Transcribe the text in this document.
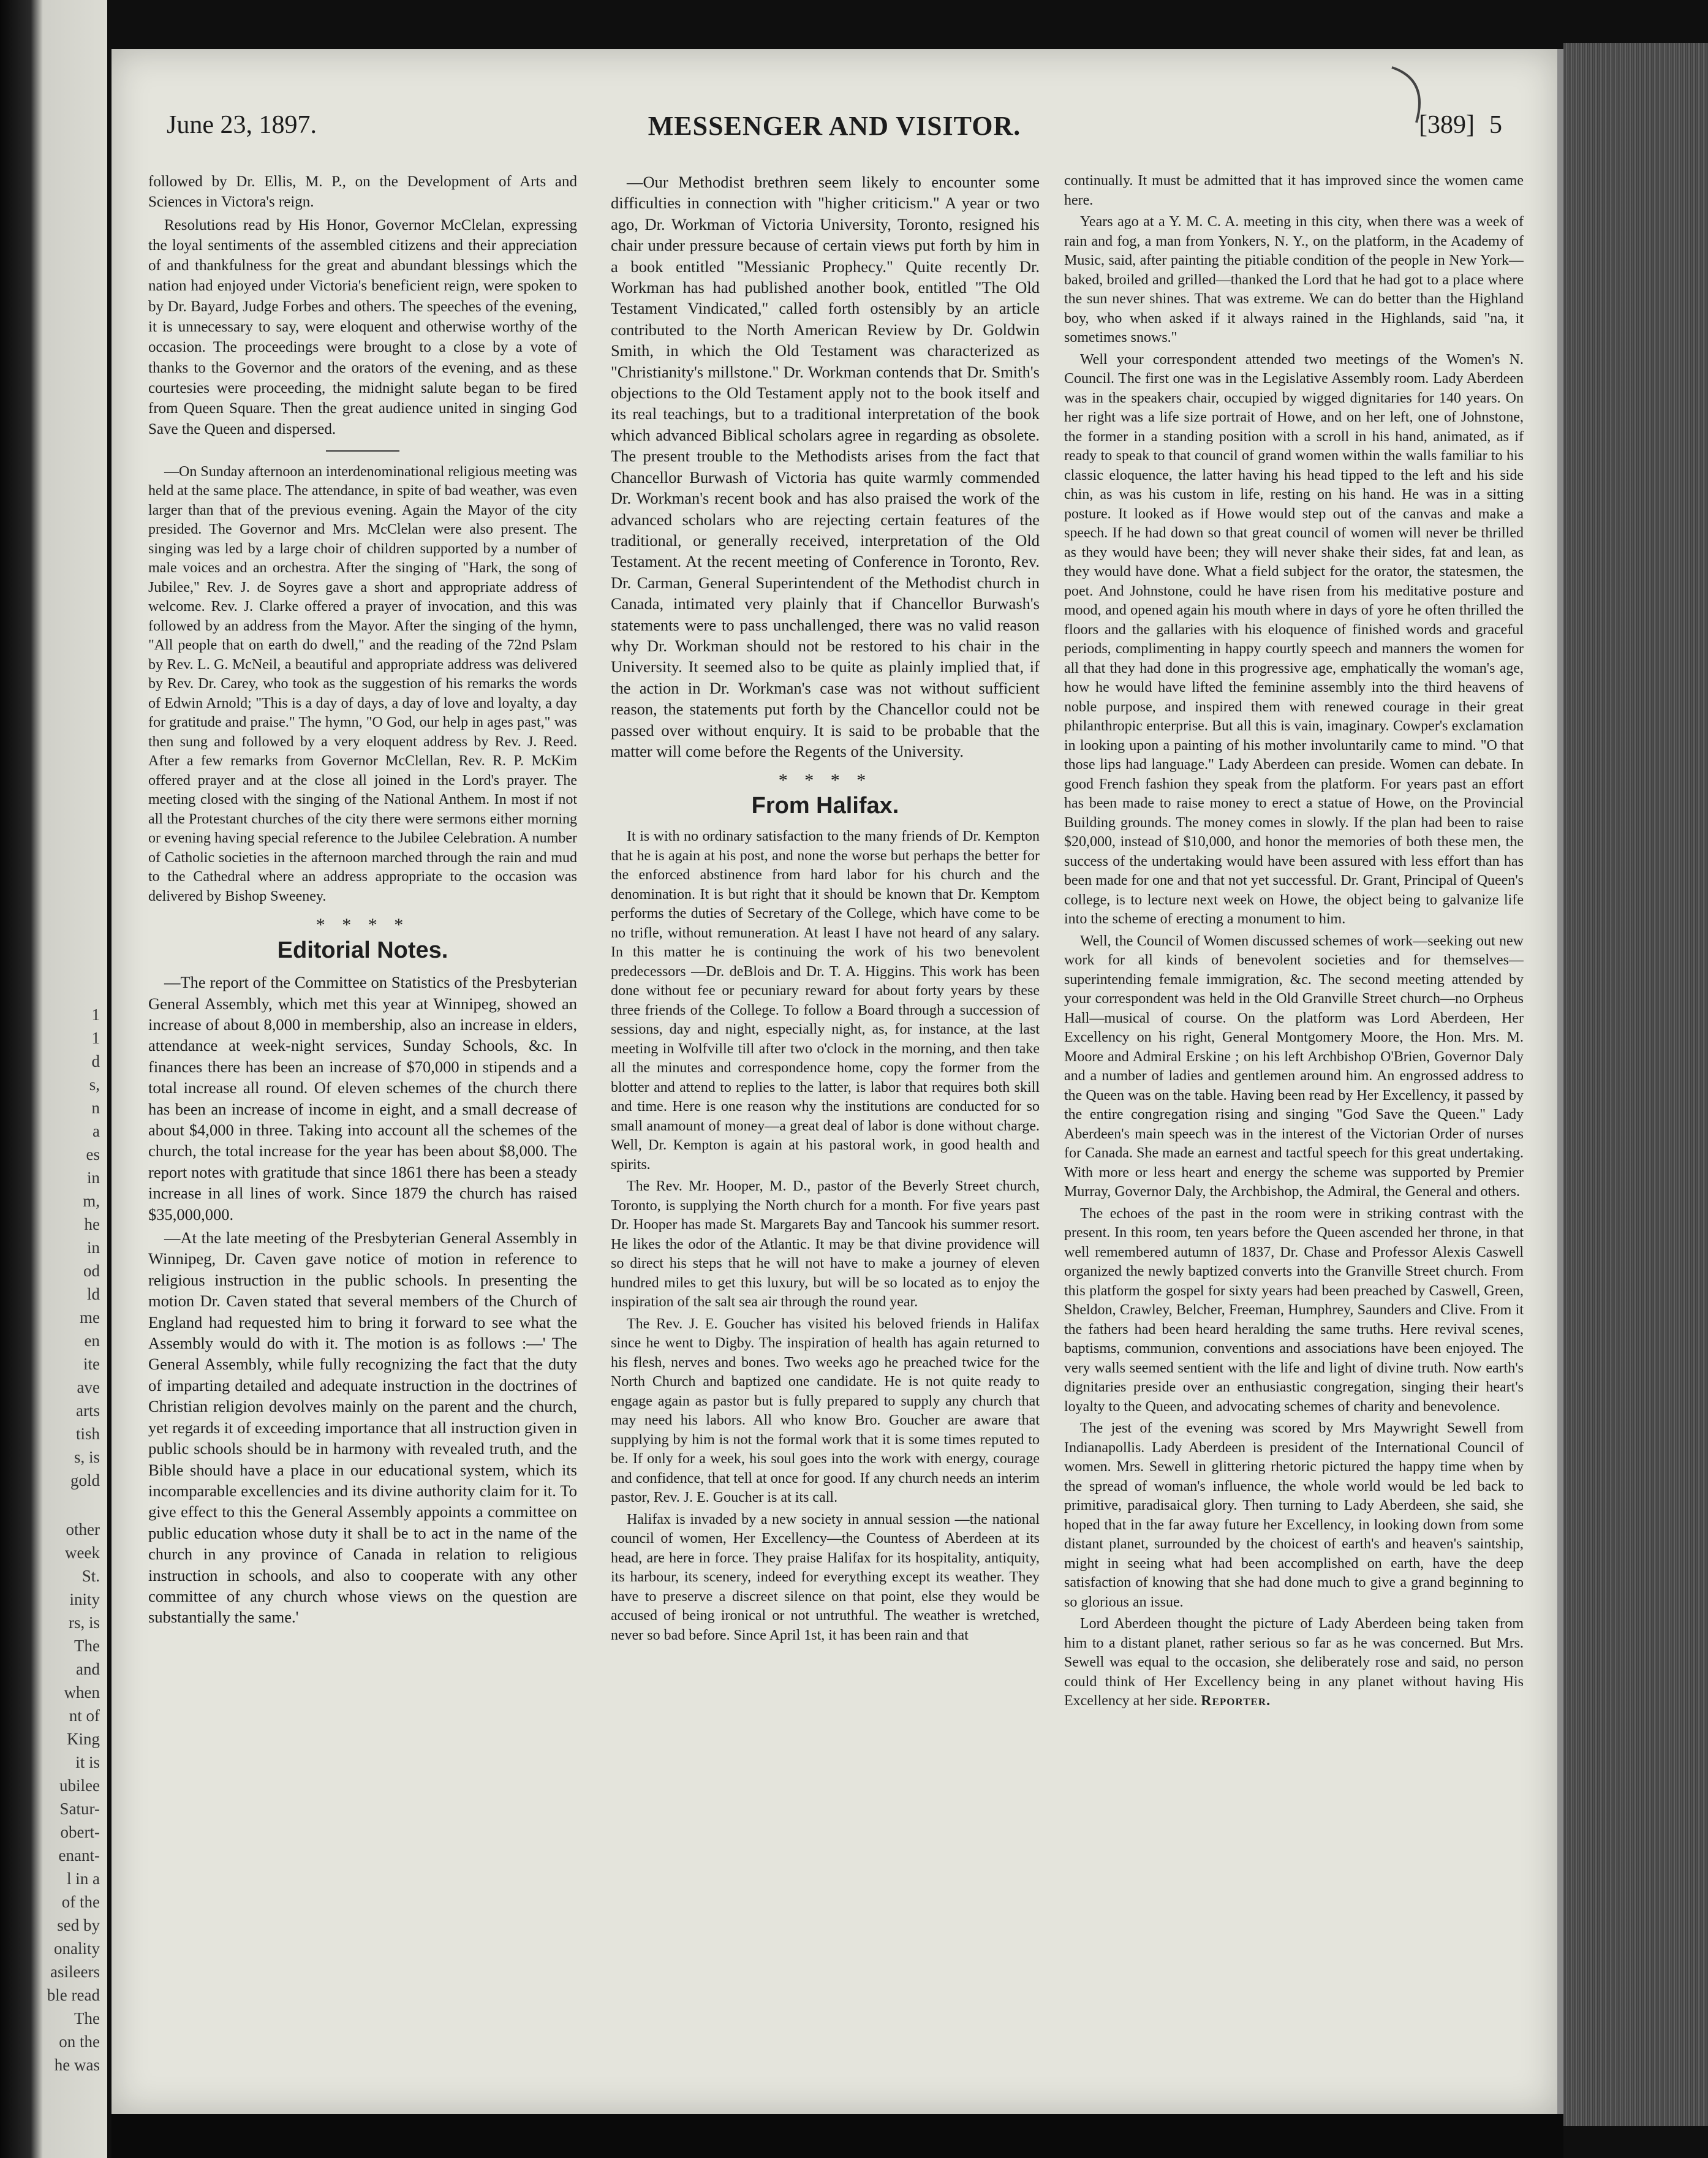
1
1
d
s,
n
a
es
in
m,
he
in
od
ld
me
en
ite
ave
arts
tish
s, is
gold
other
week
St.
inity
rs, is
The
and
when
nt of
King
it is
ubilee
Satur-
obert-
enant-
l in a
of the
sed by
onality
asileers
ble read
The
on the
he was
June 23, 1897.	MESSENGER AND VISITOR.	[389] 5

followed by Dr. Ellis, M. P., on the Development of Arts and Sciences in Victora's reign.

Resolutions read by His Honor, Governor McClelan, expressing the loyal sentiments of the assembled citizens and their appreciation of and thankfulness for the great and abundant blessings which the nation had enjoyed under Victoria's beneficient reign, were spoken to by Dr. Bayard, Judge Forbes and others. The speeches of the evening, it is unnecessary to say, were eloquent and otherwise worthy of the occasion. The proceedings were brought to a close by a vote of thanks to the Governor and the orators of the evening, and as these courtesies were proceeding, the midnight salute began to be fired from Queen Square. Then the great audience united in singing God Save the Queen and dispersed.

—On Sunday afternoon an interdenominational religious meeting was held at the same place. The attendance, in spite of bad weather, was even larger than that of the previous evening. Again the Mayor of the city presided. The Governor and Mrs. McClelan were also present. The singing was led by a large choir of children supported by a number of male voices and an orchestra. After the singing of "Hark, the song of Jubilee," Rev. J. de Soyres gave a short and appropriate address of welcome. Rev. J. Clarke offered a prayer of invocation, and this was followed by an address from the Mayor. After the singing of the hymn, "All people that on earth do dwell," and the reading of the 72nd Pslam by Rev. L. G. McNeil, a beautiful and appropriate address was delivered by Rev. Dr. Carey, who took as the suggestion of his remarks the words of Edwin Arnold; "This is a day of days, a day of love and loyalty, a day for gratitude and praise." The hymn, "O God, our help in ages past," was then sung and followed by a very eloquent address by Rev. J. Reed. After a few remarks from Governor McClellan, Rev. R. P. McKim offered prayer and at the close all joined in the Lord's prayer. The meeting closed with the singing of the National Anthem. In most if not all the Protestant churches of the city there were sermons either morning or evening having special reference to the Jubilee Celebration. A number of Catholic societies in the afternoon marched through the rain and mud to the Cathedral where an address appropriate to the occasion was delivered by Bishop Sweeney.

* * * *
Editorial Notes.

—The report of the Committee on Statistics of the Presbyterian General Assembly, which met this year at Winnipeg, showed an increase of about 8,000 in membership, also an increase in elders, attendance at week-night services, Sunday Schools, &c. In finances there has been an increase of $70,000 in stipends and a total increase all round. Of eleven schemes of the church there has been an increase of income in eight, and a small decrease of about $4,000 in three. Taking into account all the schemes of the church, the total increase for the year has been about $8,000. The report notes with gratitude that since 1861 there has been a steady increase in all lines of work. Since 1879 the church has raised $35,000,000.

—At the late meeting of the Presbyterian General Assembly in Winnipeg, Dr. Caven gave notice of motion in reference to religious instruction in the public schools. In presenting the motion Dr. Caven stated that several members of the Church of England had requested him to bring it forward to see what the Assembly would do with it. The motion is as follows :—' The General Assembly, while fully recognizing the fact that the duty of imparting detailed and adequate instruction in the doctrines of Christian religion devolves mainly on the parent and the church, yet regards it of exceeding importance that all instruction given in public schools should be in harmony with revealed truth, and the Bible should have a place in our educational system, which its incomparable excellencies and its divine authority claim for it. To give effect to this the General Assembly appoints a committee on public education whose duty it shall be to act in the name of the church in any province of Canada in relation to religious instruction in schools, and also to cooperate with any other committee of any church whose views on the question are substantially the same.'

—Our Methodist brethren seem likely to encounter some difficulties in connection with "higher criticism." A year or two ago, Dr. Workman of Victoria University, Toronto, resigned his chair under pressure because of certain views put forth by him in a book entitled "Messianic Prophecy." Quite recently Dr. Workman has had published another book, entitled "The Old Testament Vindicated," called forth ostensibly by an article contributed to the North American Review by Dr. Goldwin Smith, in which the Old Testament was characterized as "Christianity's millstone." Dr. Workman contends that Dr. Smith's objections to the Old Testament apply not to the book itself and its real teachings, but to a traditional interpretation of the book which advanced Biblical scholars agree in regarding as obsolete. The present trouble to the Methodists arises from the fact that Chancellor Burwash of Victoria has quite warmly commended Dr. Workman's recent book and has also praised the work of the advanced scholars who are rejecting certain features of the traditional, or generally received, interpretation of the Old Testament. At the recent meeting of Conference in Toronto, Rev. Dr. Carman, General Superintendent of the Methodist church in Canada, intimated very plainly that if Chancellor Burwash's statements were to pass unchallenged, there was no valid reason why Dr. Workman should not be restored to his chair in the University. It seemed also to be quite as plainly implied that, if the action in Dr. Workman's case was not without sufficient reason, the statements put forth by the Chancellor could not be passed over without enquiry. It is said to be probable that the matter will come before the Regents of the University.

* * * *
From Halifax.

It is with no ordinary satisfaction to the many friends of Dr. Kempton that he is again at his post, and none the worse but perhaps the better for the enforced abstinence from hard labor for his church and the denomination. It is but right that it should be known that Dr. Kemptom performs the duties of Secretary of the College, which have come to be no trifle, without remuneration. At least I have not heard of any salary. In this matter he is continuing the work of his two benevolent predecessors —Dr. deBlois and Dr. T. A. Higgins. This work has been done without fee or pecuniary reward for about forty years by these three friends of the College. To follow a Board through a succession of sessions, day and night, especially night, as, for instance, at the last meeting in Wolfville till after two o'clock in the morning, and then take all the minutes and correspondence home, copy the former from the blotter and attend to replies to the latter, is labor that requires both skill and time. Here is one reason why the institutions are conducted for so small anamount of money—a great deal of labor is done without charge. Well, Dr. Kempton is again at his pastoral work, in good health and spirits.

The Rev. Mr. Hooper, M. D., pastor of the Beverly Street church, Toronto, is supplying the North church for a month. For five years past Dr. Hooper has made St. Margarets Bay and Tancook his summer resort. He likes the odor of the Atlantic. It may be that divine providence will so direct his steps that he will not have to make a journey of eleven hundred miles to get this luxury, but will be so located as to enjoy the inspiration of the salt sea air through the round year.

The Rev. J. E. Goucher has visited his beloved friends in Halifax since he went to Digby. The inspiration of health has again returned to his flesh, nerves and bones. Two weeks ago he preached twice for the North Church and baptized one candidate. He is not quite ready to engage again as pastor but is fully prepared to supply any church that may need his labors. All who know Bro. Goucher are aware that supplying by him is not the formal work that it is some times reputed to be. If only for a week, his soul goes into the work with energy, courage and confidence, that tell at once for good. If any church needs an interim pastor, Rev. J. E. Goucher is at its call.

Halifax is invaded by a new society in annual session —the national council of women, Her Excellency—the Countess of Aberdeen at its head, are here in force. They praise Halifax for its hospitality, antiquity, its harbour, its scenery, indeed for everything except its weather. They have to preserve a discreet silence on that point, else they would be accused of being ironical or not untruthful. The weather is wretched, never so bad before. Since April 1st, it has been rain and that

continually. It must be admitted that it has improved since the women came here.

Years ago at a Y. M. C. A. meeting in this city, when there was a week of rain and fog, a man from Yonkers, N. Y., on the platform, in the Academy of Music, said, after painting the pitiable condition of the people in New York—baked, broiled and grilled—thanked the Lord that he had got to a place where the sun never shines. That was extreme. We can do better than the Highland boy, who when asked if it always rained in the Highlands, said "na, it sometimes snows."

Well your correspondent attended two meetings of the Women's N. Council. The first one was in the Legislative Assembly room. Lady Aberdeen was in the speakers chair, occupied by wigged dignitaries for 140 years. On her right was a life size portrait of Howe, and on her left, one of Johnstone, the former in a standing position with a scroll in his hand, animated, as if ready to speak to that council of grand women within the walls familiar to his classic eloquence, the latter having his head tipped to the left and his side chin, as was his custom in life, resting on his hand. He was in a sitting posture. It looked as if Howe would step out of the canvas and make a speech. If he had down so that great council of women will never be thrilled as they would have been; they will never shake their sides, fat and lean, as they would have done. What a field subject for the orator, the statesmen, the poet. And Johnstone, could he have risen from his meditative posture and mood, and opened again his mouth where in days of yore he often thrilled the floors and the gallaries with his eloquence of finished words and graceful periods, complimenting in happy courtly speech and manners the women for all that they had done in this progressive age, emphatically the woman's age, how he would have lifted the feminine assembly into the third heavens of noble purpose, and inspired them with renewed courage in their great philanthropic enterprise. But all this is vain, imaginary. Cowper's exclamation in looking upon a painting of his mother involuntarily came to mind. "O that those lips had language." Lady Aberdeen can preside. Women can debate. In good French fashion they speak from the platform. For years past an effort has been made to raise money to erect a statue of Howe, on the Provincial Building grounds. The money comes in slowly. If the plan had been to raise $20,000, instead of $10,000, and honor the memories of both these men, the success of the undertaking would have been assured with less effort than has been made for one and that not yet successful. Dr. Grant, Principal of Queen's college, is to lecture next week on Howe, the object being to galvanize life into the scheme of erecting a monument to him.

Well, the Council of Women discussed schemes of work—seeking out new work for all kinds of benevolent societies and for themselves—superintending female immigration, &c. The second meeting attended by your correspondent was held in the Old Granville Street church—no Orpheus Hall—musical of course. On the platform was Lord Aberdeen, Her Excellency on his right, General Montgomery Moore, the Hon. Mrs. M. Moore and Admiral Erskine ; on his left Archbishop O'Brien, Governor Daly and a number of ladies and gentlemen around him. An engrossed address to the Queen was on the table. Having been read by Her Excellency, it passed by the entire congregation rising and singing "God Save the Queen." Lady Aberdeen's main speech was in the interest of the Victorian Order of nurses for Canada. She made an earnest and tactful speech for this great undertaking. With more or less heart and energy the scheme was supported by Premier Murray, Governor Daly, the Archbishop, the Admiral, the General and others.

The echoes of the past in the room were in striking contrast with the present. In this room, ten years before the Queen ascended her throne, in that well remembered autumn of 1837, Dr. Chase and Professor Alexis Caswell organized the newly baptized converts into the Granville Street church. From this platform the gospel for sixty years had been preached by Caswell, Green, Sheldon, Crawley, Belcher, Freeman, Humphrey, Saunders and Clive. From it the fathers had been heard heralding the same truths. Here revival scenes, baptisms, communion, conventions and associations have been enjoyed. The very walls seemed sentient with the life and light of divine truth. Now earth's dignitaries preside over an enthusiastic congregation, singing their heart's loyalty to the Queen, and advocating schemes of charity and benevolence.

The jest of the evening was scored by Mrs Maywright Sewell from Indianapollis. Lady Aberdeen is president of the International Council of women. Mrs. Sewell in glittering rhetoric pictured the happy time when by the spread of woman's influence, the whole world would be led back to primitive, paradisaical glory. Then turning to Lady Aberdeen, she said, she hoped that in the far away future her Excellency, in looking down from some distant planet, surrounded by the choicest of earth's and heaven's saintship, might in seeing what had been accomplished on earth, have the deep satisfaction of knowing that she had done much to give a grand beginning to so glorious an issue.

Lord Aberdeen thought the picture of Lady Aberdeen being taken from him to a distant planet, rather serious so far as he was concerned. But Mrs. Sewell was equal to the occasion, she deliberately rose and said, no person could think of Her Excellency being in any planet without having His Excellency at her side. Reporter.
